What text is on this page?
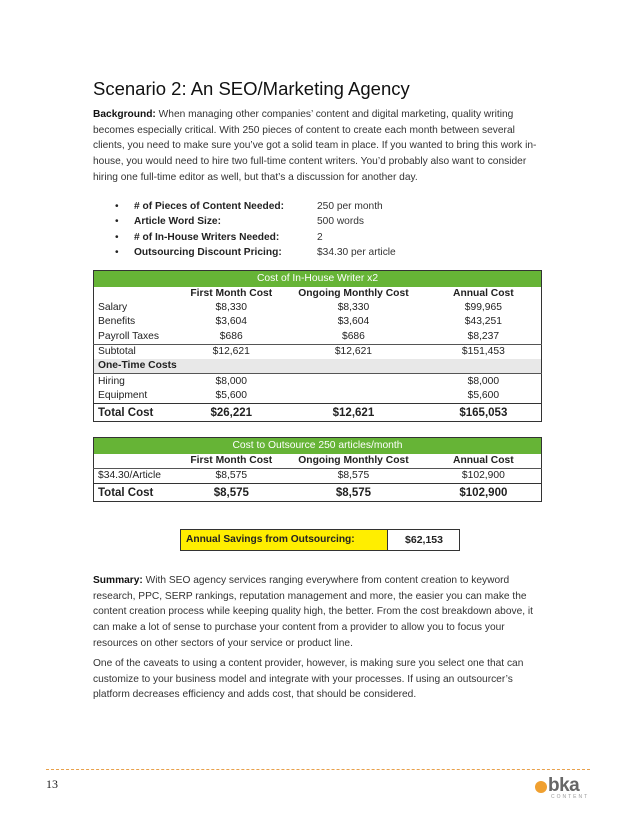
Scenario 2: An SEO/Marketing Agency
Background: When managing other companies’ content and digital marketing, quality writing becomes especially critical. With 250 pieces of content to create each month between several clients, you need to make sure you’ve got a solid team in place. If you wanted to bring this work in-house, you would need to hire two full-time content writers. You’d probably also want to consider hiring one full-time editor as well, but that’s a discussion for another day.
• # of Pieces of Content Needed:	250 per month
• Article Word Size:	500 words
• # of In-House Writers Needed:	2
• Outsourcing Discount Pricing:	$34.30 per article
Cost of In-House Writer x2			
	First Month Cost	Ongoing Monthly Cost	Annual Cost
Salary	$8,330	$8,330	$99,965
Benefits	$3,604	$3,604	$43,251
Payroll Taxes	$686	$686	$8,237
Subtotal	$12,621	$12,621	$151,453
One-Time Costs			
Hiring	$8,000		$8,000
Equipment	$5,600		$5,600
Total Cost	$26,221	$12,621	$165,053
Cost to Outsource 250 articles/month			
	First Month Cost	Ongoing Monthly Cost	Annual Cost
$34.30/Article	$8,575	$8,575	$102,900
Total Cost	$8,575	$8,575	$102,900
Annual Savings from Outsourcing:	$62,153
Summary: With SEO agency services ranging everywhere from content creation to keyword research, PPC, SERP rankings, reputation management and more, the easier you can make the content creation process while keeping quality high, the better. From the cost breakdown above, it can make a lot of sense to purchase your content from a provider to allow you to focus your resources on other sectors of your service or product line.
One of the caveats to using a content provider, however, is making sure you select one that can customize to your business model and integrate with your processes. If using an outsourcer’s platform decreases efficiency and adds cost, that should be considered.
13	bka
CONTENT
